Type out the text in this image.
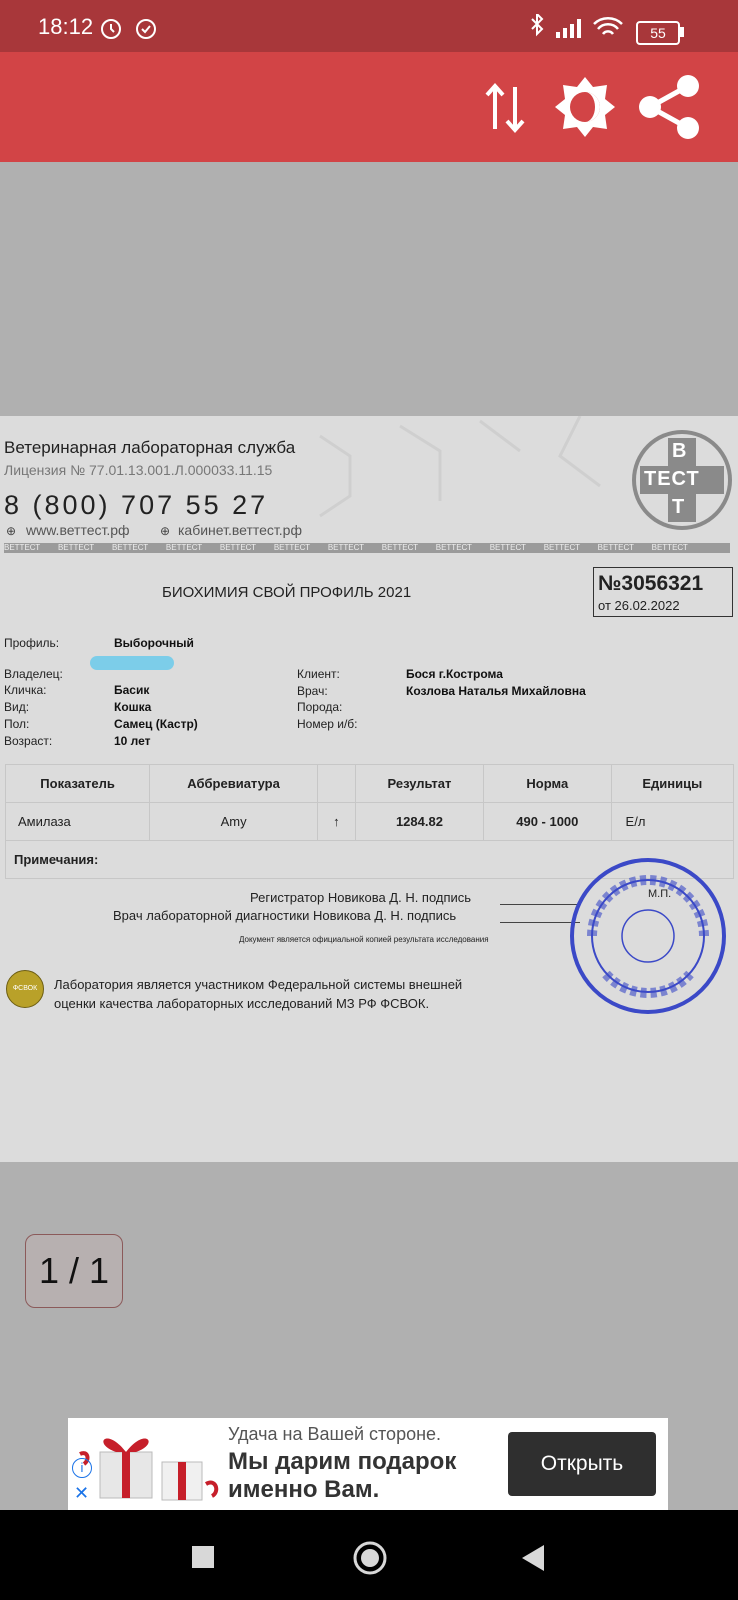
18:12	55
Ветеринарная лабораторная служба
Лицензия № 77.01.13.001.Л.000033.11.15
8 (800) 707 55 27
⊕ www.веттест.рф	⊕ кабинет.веттест.рф
ВЕТТЕСТ ВЕТТЕСТ ВЕТТЕСТ ВЕТТЕСТ ВЕТТЕСТ ВЕТТЕСТ ВЕТТЕСТ ВЕТТЕСТ ВЕТТЕСТ ВЕТТЕСТ ВЕТТЕСТ ВЕТТЕСТ ВЕТТЕСТ
В
ТЕСТ
Т
БИОХИМИЯ СВОЙ ПРОФИЛЬ 2021	№3056321
от 26.02.2022
Профиль:	Выборочный
Владелец:
Кличка:	Басик
Вид:	Кошка
Пол:	Самец (Кастр)
Возраст:	10 лет
Клиент:	Бося г.Кострома
Врач:	Козлова Наталья Михайловна
Порода:
Номер и/б:
Показатель	Аббревиатура		Результат	Норма	Единицы
Амилаза	Amy	↑	1284.82	490 - 1000	Е/л
Примечания:					
Регистратор Новикова Д. Н. подпись
Врач лабораторной диагностики Новикова Д. Н. подпись
М.П.
Документ является официальной копией результата исследования
ФСВОК	Лаборатория является участником Федеральной системы внешней
оценки качества лабораторных исследований МЗ РФ ФСВОК.
1 / 1
i
✕
Удача на Вашей стороне.
Мы дарим подарок
именно Вам.
Открыть
